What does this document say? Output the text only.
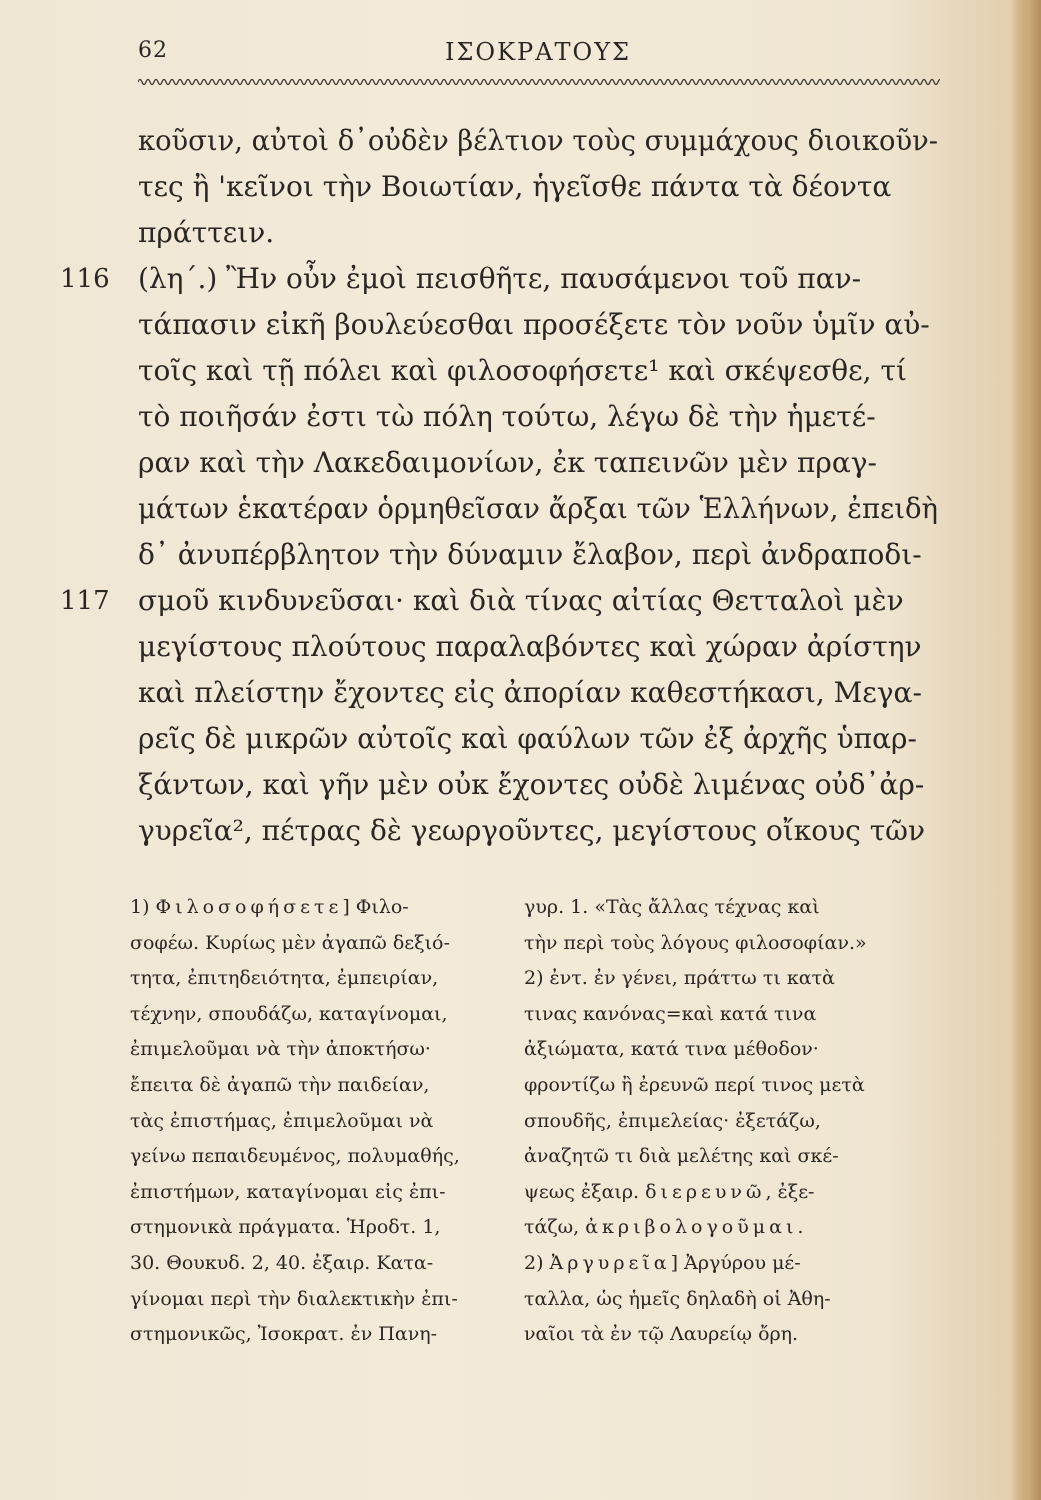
ΙΣΟΚΡΑΤΟΥΣ
62
κοῦσιν, αὐτοὶ δ᾽οὐδὲν βέλτιον τοὺς συμμάχους διοικοῦν-
τες ἢ 'κεῖνοι τὴν Βοιωτίαν, ἡγεῖσθε πάντα τὰ δέοντα
πράττειν.
116 (λη΄.) Ἢν οὖν ἐμοὶ πεισθῆτε, παυσάμενοι τοῦ παν-
τάπασιν εἰκῆ βουλεύεσθαι προσέξετε τὸν νοῦν ὑμῖν αὐ-
τοῖς καὶ τῇ πόλει καὶ φιλοσοφήσετε¹ καὶ σκέψεσθε, τί
τὸ ποιῆσάν ἐστι τὼ πόλη τούτω, λέγω δὲ τὴν ἡμετέ-
ραν καὶ τὴν Λακεδαιμονίων, ἐκ ταπεινῶν μὲν πραγ-
μάτων ἑκατέραν ὁρμηθεῖσαν ἄρξαι τῶν Ἑλλήνων, ἐπειδὴ
δ᾽ ἀνυπέρβλητον τὴν δύναμιν ἔλαβον, περὶ ἀνδραποδι-
117 σμοῦ κινδυνεῦσαι· καὶ διὰ τίνας αἰτίας Θετταλοὶ μὲν
μεγίστους πλούτους παραλαβόντες καὶ χώραν ἀρίστην
καὶ πλείστην ἔχοντες εἰς ἀπορίαν καθεστήκασι, Μεγα-
ρεῖς δὲ μικρῶν αὐτοῖς καὶ φαύλων τῶν ἐξ ἀρχῆς ὑπαρ-
ξάντων, καὶ γῆν μὲν οὐκ ἔχοντες οὐδὲ λιμένας οὐδ᾽ἀρ-
γυρεῖα², πέτρας δὲ γεωργοῦντες, μεγίστους οἴκους τῶν
1) Φιλοσοφήσετε] Φιλο-
σοφέω. Κυρίως μὲν ἀγαπῶ δεξιό-
τητα, ἐπιτηδειότητα, ἐμπειρίαν,
τέχνην, σπουδάζω, καταγίνομαι,
ἐπιμελοῦμαι νὰ τὴν ἀποκτήσω·
ἔπειτα δὲ ἀγαπῶ τὴν παιδείαν,
τὰς ἐπιστήμας, ἐπιμελοῦμαι νὰ
γείνω πεπαιδευμένος, πολυμαθής,
ἐπιστήμων, καταγίνομαι εἰς ἐπι-
στημονικὰ πράγματα. Ἡροδτ. 1,
30. Θουκυδ. 2, 40. ἐξαιρ. Κατα-
γίνομαι περὶ τὴν διαλεκτικὴν ἐπι-
στημονικῶς, Ἰσοκρατ. ἐν Πανη-
γυρ. 1. «Τὰς ἄλλας τέχνας καὶ
τὴν περὶ τοὺς λόγους φιλοσοφίαν.»
2) ἐντ. ἐν γένει, πράττω τι κατὰ
τινας κανόνας=καὶ κατά τινα
ἀξιώματα, κατά τινα μέθοδον·
φροντίζω ἢ ἐρευνῶ περί τινος μετὰ
σπουδῆς, ἐπιμελείας· ἐξετάζω,
ἀναζητῶ τι διὰ μελέτης καὶ σκέ-
ψεως ἐξαιρ. διερευνῶ, ἐξε-
τάζω, ἀκριβολογοῦμαι.
2) Ἀργυρεῖα] Ἀργύρου μέ-
ταλλα, ὡς ἡμεῖς δηλαδὴ οἱ Ἀθη-
ναῖοι τὰ ἐν τῷ Λαυρείῳ ὄρη.
